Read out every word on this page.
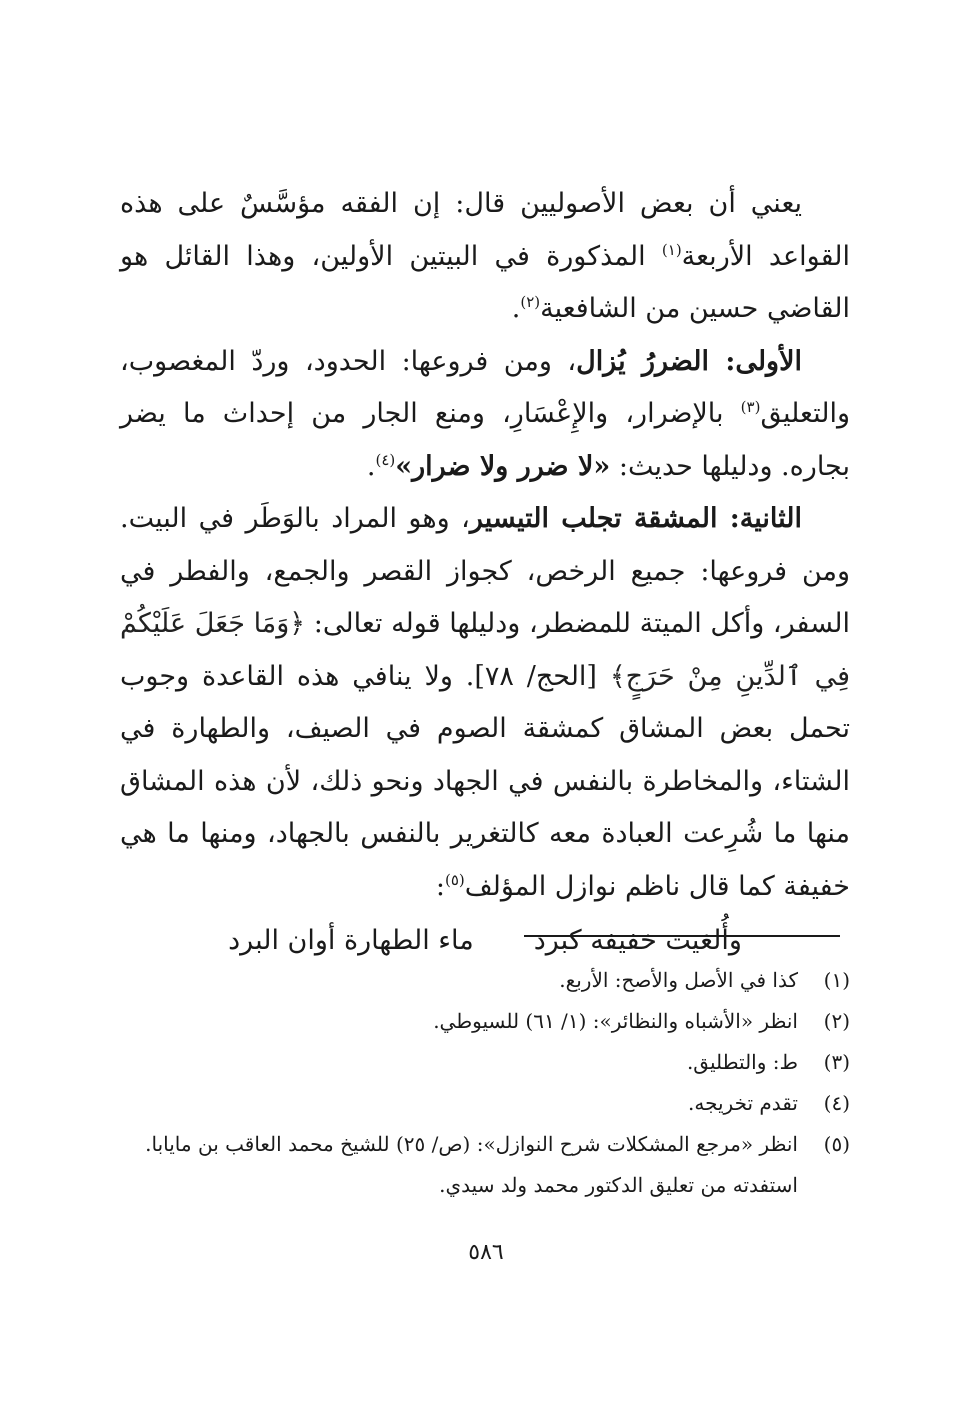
يعني أن بعض الأصوليين قال: إن الفقه مؤسَّسٌ على هذه القواعد الأربعة$^{(١)}$ المذكورة في البيتين الأولين، وهذا القائل هو القاضي حسين من الشافعية$^{(٢)}$.

الأولى: الضررُ يُزال، ومن فروعها: الحدود، وردّ المغصوب، والتعليق$^{(٣)}$ بالإضرار، والإِعْسَارِ، ومنع الجار من إحداث ما يضر بجاره. ودليلها حديث: «لا ضرر ولا ضرار»$^{(٤)}$.

الثانية: المشقة تجلب التيسير، وهو المراد بالوَطَر في البيت. ومن فروعها: جميع الرخص، كجواز القصر والجمع، والفطر في السفر، وأكل الميتة للمضطر، ودليلها قوله تعالى: ﴿وَمَا جَعَلَ عَلَيْكُمْ فِي ٱلدِّينِ مِنْ حَرَجٍ﴾ [الحج/ ٧٨]. ولا ينافي هذه القاعدة وجوب تحمل بعض المشاق كمشقة الصوم في الصيف، والطهارة في الشتاء، والمخاطرة بالنفس في الجهاد ونحو ذلك، لأن هذه المشاق منها ما شُرِعت العبادة معه كالتغرير بالنفس بالجهاد، ومنها ما هي خفيفة كما قال ناظم نوازل المؤلف$^{(٥)}$:

وأُلغيت خفيفة كبرد
ماء الطهارة أوان البرد
(١)
كذا في الأصل والأصح: الأربع.
(٢)
انظر «الأشباه والنظائر»: (١/ ٦١) للسيوطي.
(٣)
ط: والتطليق.
(٤)
تقدم تخريجه.
(٥)
انظر «مرجع المشكلات شرح النوازل»: (ص/ ٢٥) للشيخ محمد العاقب بن مايابا. استفدته من تعليق الدكتور محمد ولد سيدي.
٥٨٦
